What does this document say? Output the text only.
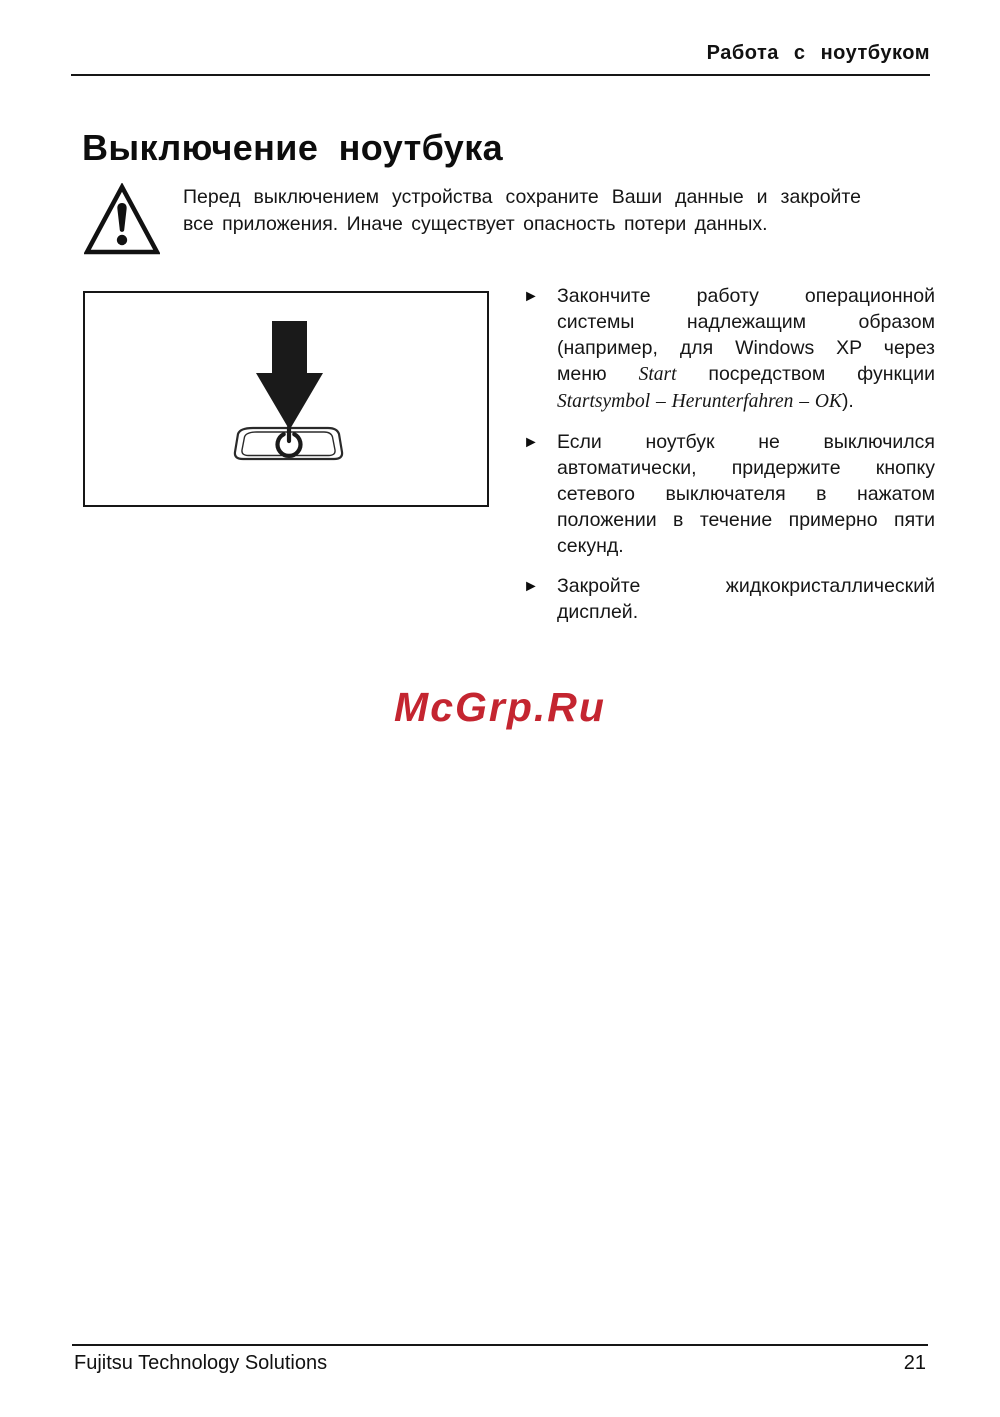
Работа с ноутбуком
Выключение ноутбука
Перед выключением устройства сохраните Ваши данные и закройте все приложения. Иначе существует опасность потери данных.
► Закончите работу операционной системы надлежащим образом (например, для Windows XP через меню Start посредством функции Startsymbol – Herunterfahren – OK).
► Если ноутбук не выключился автоматически, придержите кнопку сетевого выключателя в нажатом положении в течение примерно пяти секунд.
► Закройте жидкокристаллический дисплей.
McGrp.Ru
Fujitsu Technology Solutions	21
